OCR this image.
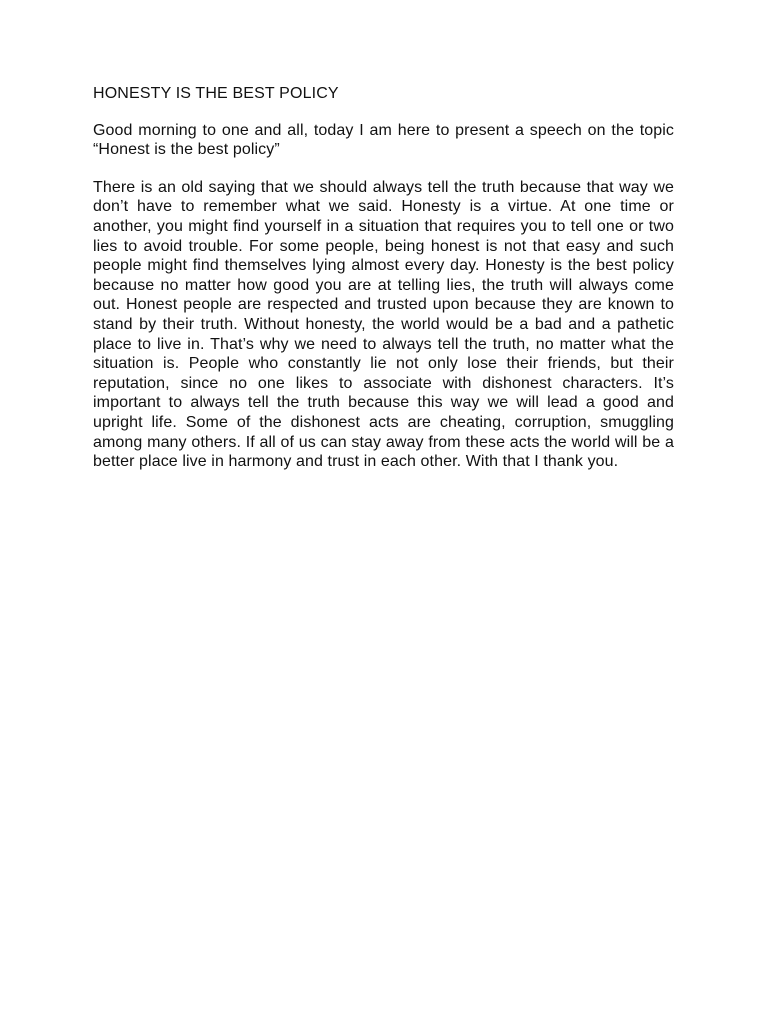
HONESTY IS THE BEST POLICY

Good morning to one and all, today I am here to present a speech on the topic “Honest is the best policy”

There is an old saying that we should always tell the truth because that way we don’t have to remember what we said. Honesty is a virtue. At one time or another, you might find yourself in a situation that requires you to tell one or two lies to avoid trouble. For some people, being honest is not that easy and such people might find themselves lying almost every day. Honesty is the best policy because no matter how good you are at telling lies, the truth will always come out. Honest people are respected and trusted upon because they are known to stand by their truth. Without honesty, the world would be a bad and a pathetic place to live in. That’s why we need to always tell the truth, no matter what the situation is. People who constantly lie not only lose their friends, but their reputation, since no one likes to associate with dishonest characters. It’s important to always tell the truth because this way we will lead a good and upright life. Some of the dishonest acts are cheating, corruption, smuggling among many others. If all of us can stay away from these acts the world will be a better place live in harmony and trust in each other. With that I thank you.
